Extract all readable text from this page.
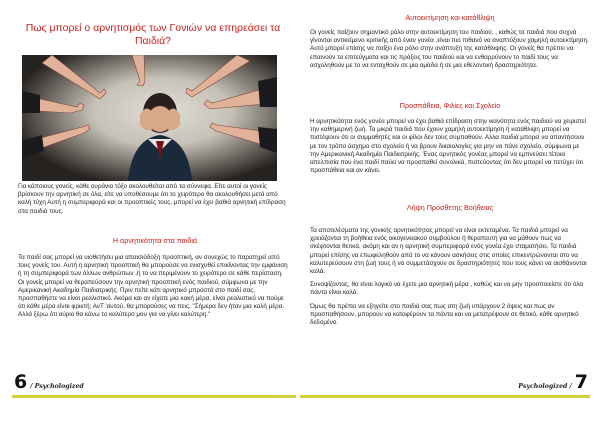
Πως μπορεί ο αρνητισμός των Γονιών να επηρεάσει τα Παιδιά?

Για κάποιους γονείς, κάθε ουράνιο τόξο ακολουθείται από τα σύννεφα. Είτε αυτοί οι γονείς βρίσκουν την αρνητική σε όλα, είτε να υποθέσουμε ότι το χειρότερο θα ακολουθήσει μετά από καλή τύχη Αυτή η συμπεριφορά και οι προοπτικές τους, μπορεί να έχει βαθιά αρνητική επίδραση στα παιδιά τους.

Η αρνητικότητα στα παιδιά

Τα παιδί σας μπορεί να υιοθετήσει μια απαισιόδοξη προοπτική, αν συνεχώς το παρατηρεί από τους γονείς του. Αυτή η αρνητική προοπτική θα μπορούσε να ενισχυθεί επικίνοντας την εμφάνιση ή τη συμπεριφορά των άλλων ανθρώπων ,ή το να περιμένουν το χειρότερο σε κάθε περίσταση. Οι γονείς μπορεί να θεραπεύσουν την αρνητική προοπτική ενός παιδιού, σύμφωνα με την Αμερικανική Ακαδημία Παιδιατρικής. Πριν πείτε κάτι αρνητικό μπροστά στο παιδί σας, προσπαθήστε να είναι ρεαλιστικό. Ακόμα και αν είχατε μια κακή μέρα, είναι ρεαλιστικό να πούμε ότι κάθε μέρα είναι φρικτή; ΑνT 'αυτού, θα μπορούσες να πεις, "Σήμερα δεν ήταν μια καλή μέρα. Αλλά ξέρω ότι αύριο θα κάνω το καλύτερο μου για να γίνει καλύτερη."

6 / Psychologized
Αυτοεκτίμηση και κατάθλιψη

Οι γονείς παίζουν σημαντικό ρόλο στην αυτοεκτίμηση του παιδιού, , καθώς τα παιδιά που συχνά γίνονται αντικείμενο κριτικής από έναν γονέα ,είναι πιο πιθανό να αναπτύξουν χαμηλή αυτοεκτίμηση. Αυτό μπορεί επίσης να παίξει ένα ρόλο στην ανάπτυξη της κατάθλιψης. Οι γονείς θα πρέπει να επαινούν τα επιτεύγματα και τις πράξεις του παιδιού και να ενθαρρύνουν το παιδί τους να ασχοληθούν με το να ενταχθούν σε μια ομάδα ή σε μια εθελοντική δραστηριότητα.

Προσπάθεια, Φιλίες και Σχολείο

Η αρνητικότητα ενός γονέα μπορεί να έχει βαθιά επίδραση στην ικανότητα ενός παιδιού να χειριστεί την καθημερινή ζωή. Τα μικρά παιδιά που έχουν χαμηλή αυτοεκτίμηση ή κατάθλιψη μπορεί να πιστέψουν ότι οι συμμαθητές και οι φίλοι δεν τους συμπαθούν. Αλλα παιδιά μπορεί να απαντήσουν με τον τρόπο άσχημο στο σχολείο ή να βρουν δικαιολογίες για μην να πάνε σχολείο, σύμφωνα με την Αμερικανική Ακαδημία Παιδιατρικής. Ένας αρνητικός γονέας μπορεί να εμπνεύσει τέτοια απελπισία που ένα παιδί παύει να προσπαθεί συνολικά, πιστεύοντας ότι δεν μπορεί να πετύχει ότι προσπάθεια και αν κάνει.

Λήψη Πρόσθετης Βοήθειας

Τα αποτελέσματα της γονικής αρνητικότητας μπορεί να είναι εκτεταμένα. Τα παιδιά μπορεί να χρειάζονται τη βοήθεια ενός οικογενειακού συμβούλου ή θεραπευτή για να μάθουν πως να σκέφτονται θετικά, ακόμη και αν η αρνητική συμπεριφορά ενός γονέα έχει σταματήσει. Τα παιδιά μπορεί επίσης να επωφεληθούν από το να κάνουν ασκήσεις στις οποίες επικεντρώνονται στο να καλυτερεύσουν στη ζωή τους ή να συμμετάσχουν σε δραστηριότητες που τους κάνει να αισθάνονται καλά.

Συνοψίζοντας, θα είναι λογικό να έχετε μια αρνητική μέρα , καθώς και να μην προσποιείστε ότι όλα πάντα είναι καλά.

Όμως θα πρέπει να εξηγείτε στο παιδιά σας πως στη ζωή υπάρχουν 2 όψεις και πως αν προσπαθήσουν, μπορούν να καταφέρουν τα πάντα και να μετατρέψουν σε θετικό, κάθε αρνητικό δεδομένο.

Psychologized / 7
